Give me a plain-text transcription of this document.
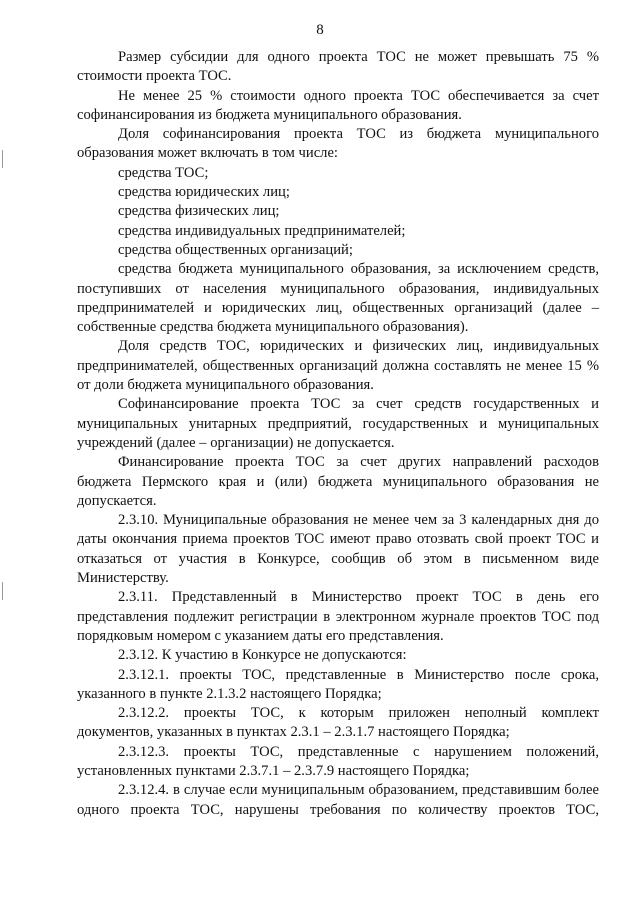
8

Размер субсидии для одного проекта ТОС не может превышать 75 % стоимости проекта ТОС.

Не менее 25 % стоимости одного проекта ТОС обеспечивается за счет софинансирования из бюджета муниципального образования.

Доля софинансирования проекта ТОС из бюджета муниципального образования может включать в том числе:

средства ТОС;

средства юридических лиц;

средства физических лиц;

средства индивидуальных предпринимателей;

средства общественных организаций;

средства бюджета муниципального образования, за исключением средств, поступивших от населения муниципального образования, индивидуальных предпринимателей и юридических лиц, общественных организаций (далее – собственные средства бюджета муниципального образования).

Доля средств ТОС, юридических и физических лиц, индивидуальных предпринимателей, общественных организаций должна составлять не менее 15 % от доли бюджета муниципального образования.

Софинансирование проекта ТОС за счет средств государственных и муниципальных унитарных предприятий, государственных и муниципальных учреждений (далее – организации) не допускается.

Финансирование проекта ТОС за счет других направлений расходов бюджета Пермского края и (или) бюджета муниципального образования не допускается.

2.3.10. Муниципальные образования не менее чем за 3 календарных дня до даты окончания приема проектов ТОС имеют право отозвать свой проект ТОС и отказаться от участия в Конкурсе, сообщив об этом в письменном виде Министерству.

2.3.11. Представленный в Министерство проект ТОС в день его представления подлежит регистрации в электронном журнале проектов ТОС под порядковым номером с указанием даты его представления.

2.3.12. К участию в Конкурсе не допускаются:

2.3.12.1. проекты ТОС, представленные в Министерство после срока, указанного в пункте 2.1.3.2 настоящего Порядка;

2.3.12.2. проекты ТОС, к которым приложен неполный комплект документов, указанных в пунктах 2.3.1 – 2.3.1.7 настоящего Порядка;

2.3.12.3. проекты ТОС, представленные с нарушением положений, установленных пунктами 2.3.7.1 – 2.3.7.9 настоящего Порядка;

2.3.12.4. в случае если муниципальным образованием, представившим более одного проекта ТОС, нарушены требования по количеству проектов ТОС,
